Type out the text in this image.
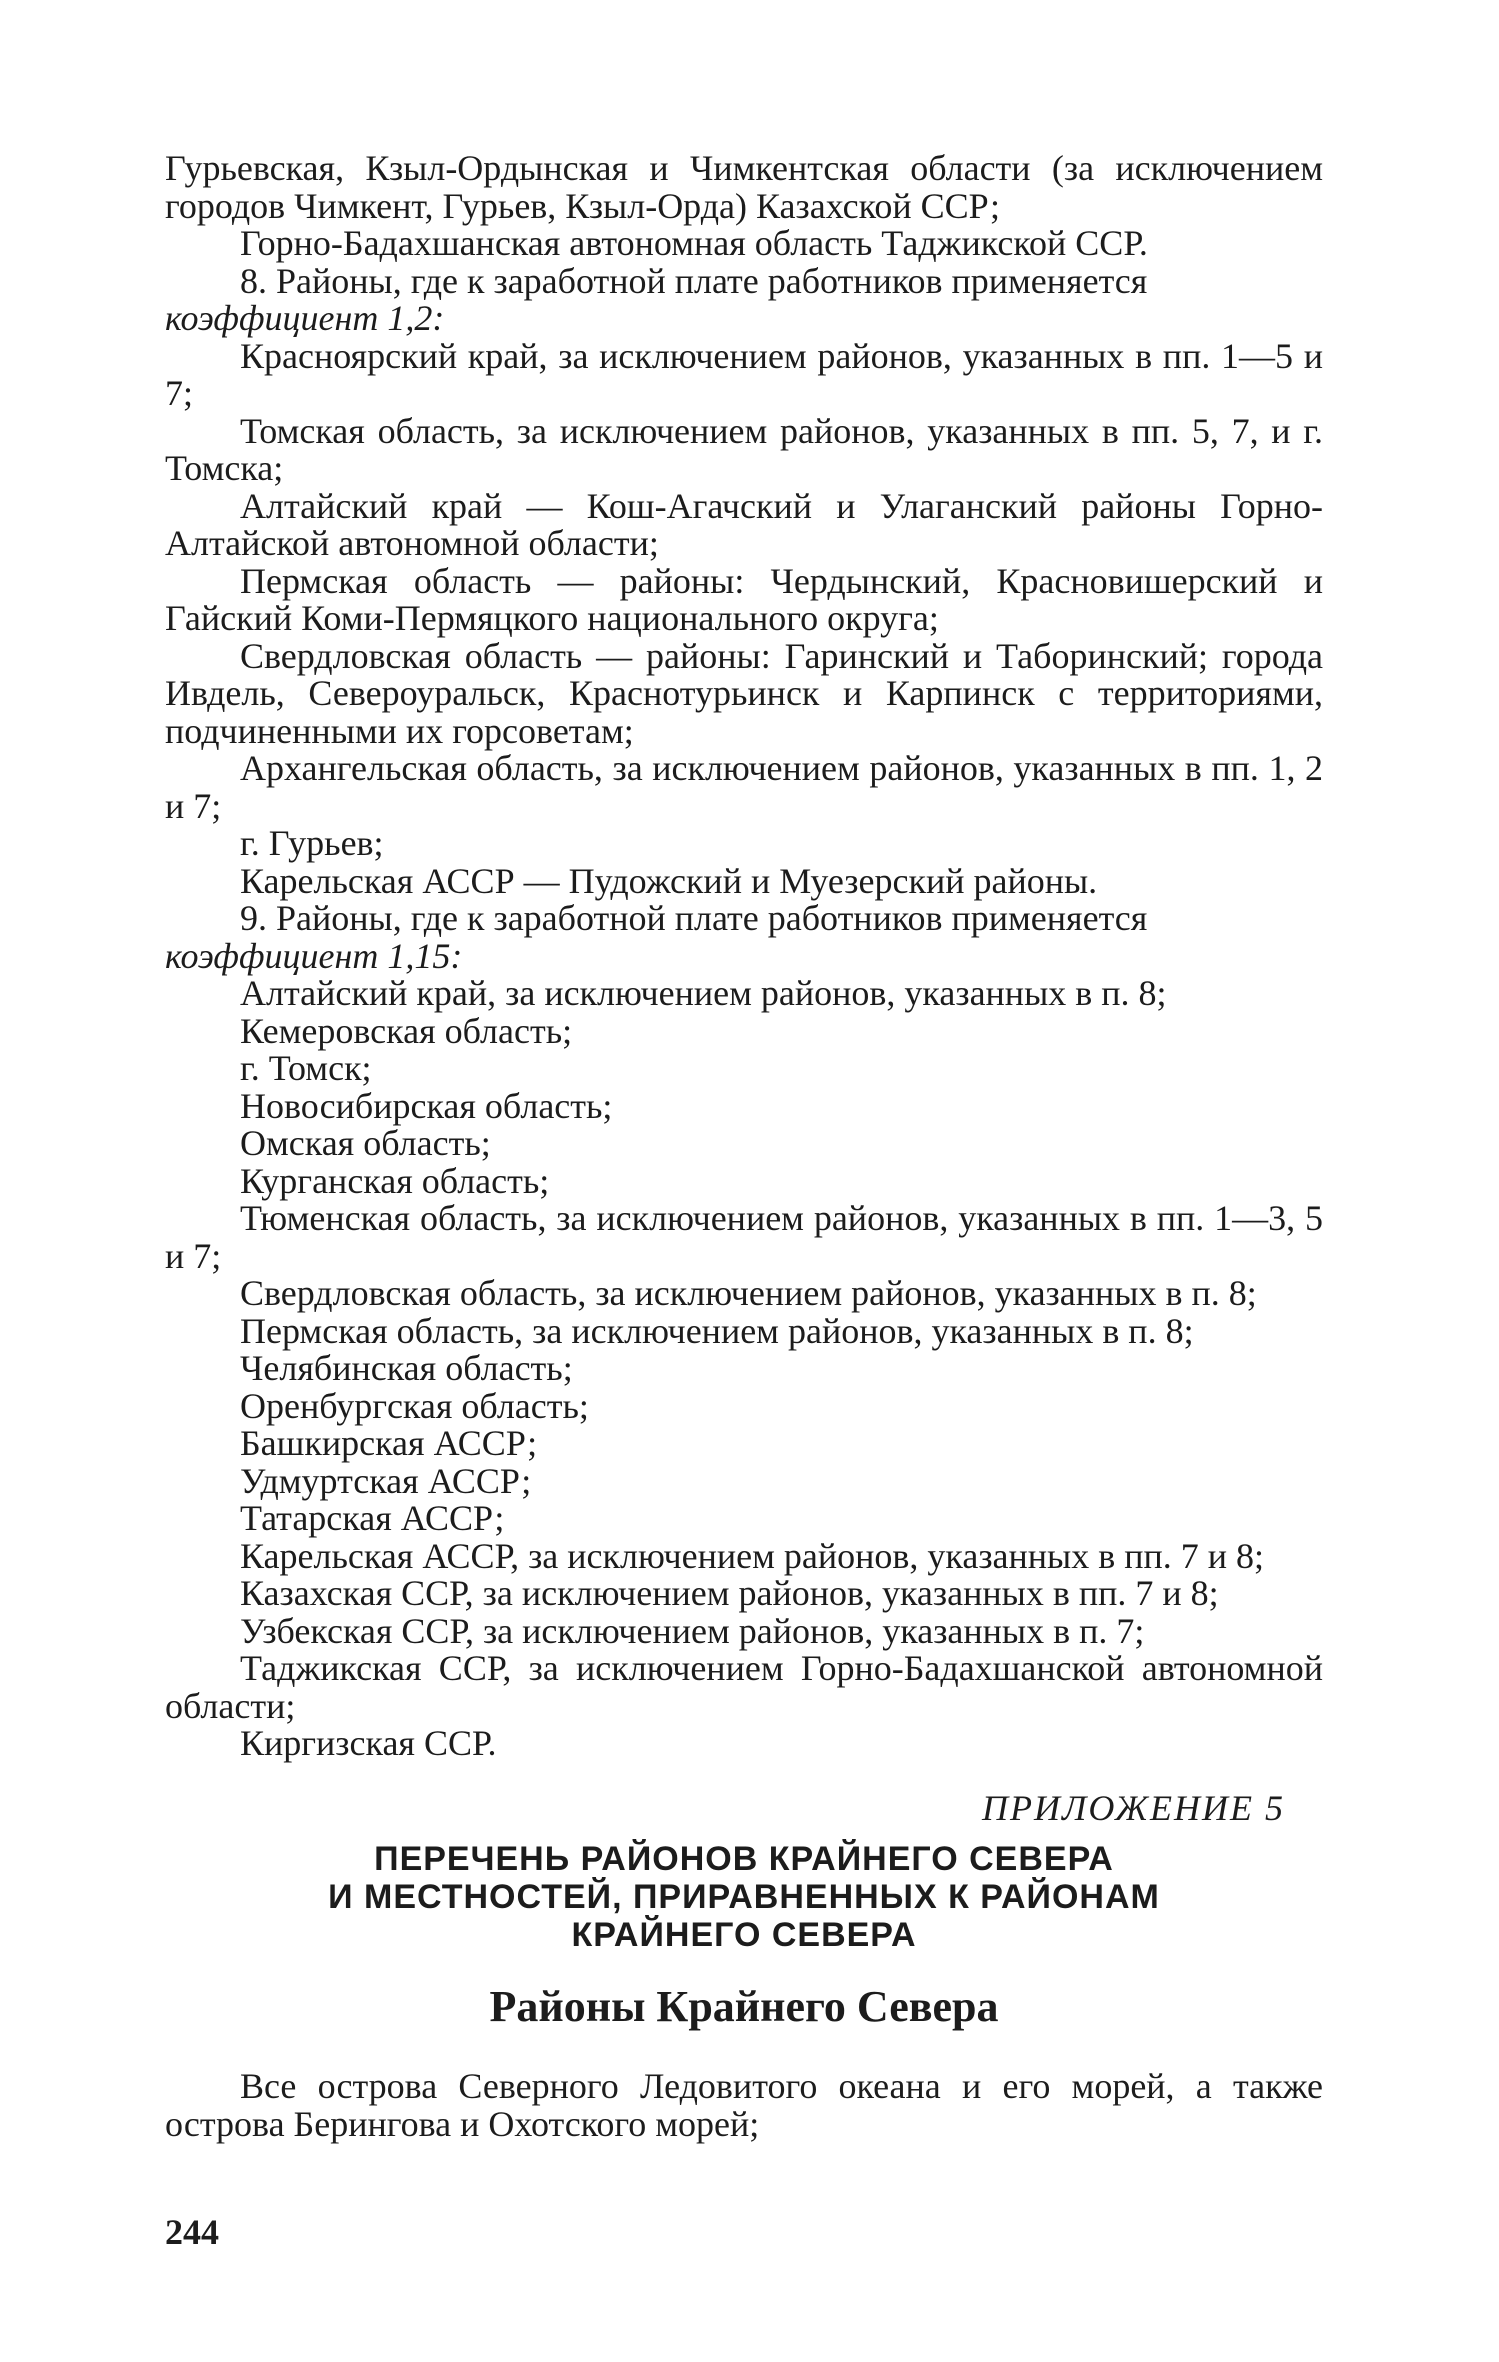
Гурьевская, Кзыл-Ордынская и Чимкентская области (за исключением городов Чимкент, Гурьев, Кзыл-Орда) Казахской ССР;

Горно-Бадахшанская автономная область Таджикской ССР.

8. Районы, где к заработной плате работников применяется

коэффициент 1,2:

Красноярский край, за исключением районов, указанных в пп. 1—5 и 7;

Томская область, за исключением районов, указанных в пп. 5, 7, и г. Томска;

Алтайский край — Кош-Агачский и Улаганский районы Горно-Алтайской автономной области;

Пермская область — районы: Чердынский, Красновишерский и Гайский Коми-Пермяцкого национального округа;

Свердловская область — районы: Гаринский и Таборинский; города Ивдель, Североуральск, Краснотурьинск и Карпинск с территориями, подчиненными их горсоветам;

Архангельская область, за исключением районов, указанных в пп. 1, 2 и 7;

г. Гурьев;

Карельская АССР — Пудожский и Муезерский районы.

9. Районы, где к заработной плате работников применяется

коэффициент 1,15:

Алтайский край, за исключением районов, указанных в п. 8;

Кемеровская область;

г. Томск;

Новосибирская область;

Омская область;

Курганская область;

Тюменская область, за исключением районов, указанных в пп. 1—3, 5 и 7;

Свердловская область, за исключением районов, указанных в п. 8;

Пермская область, за исключением районов, указанных в п. 8;

Челябинская область;

Оренбургская область;

Башкирская АССР;

Удмуртская АССР;

Татарская АССР;

Карельская АССР, за исключением районов, указанных в пп. 7 и 8;

Казахская ССР, за исключением районов, указанных в пп. 7 и 8;

Узбекская ССР, за исключением районов, указанных в п. 7;

Таджикская ССР, за исключением Горно-Бадахшанской автономной области;

Киргизская ССР.

ПРИЛОЖЕНИЕ 5
ПЕРЕЧЕНЬ РАЙОНОВ КРАЙНЕГО СЕВЕРА
И МЕСТНОСТЕЙ, ПРИРАВНЕННЫХ К РАЙОНАМ
КРАЙНЕГО СЕВЕРА
Районы Крайнего Севера

Все острова Северного Ледовитого океана и его морей, а также острова Берингова и Охотского морей;

244
